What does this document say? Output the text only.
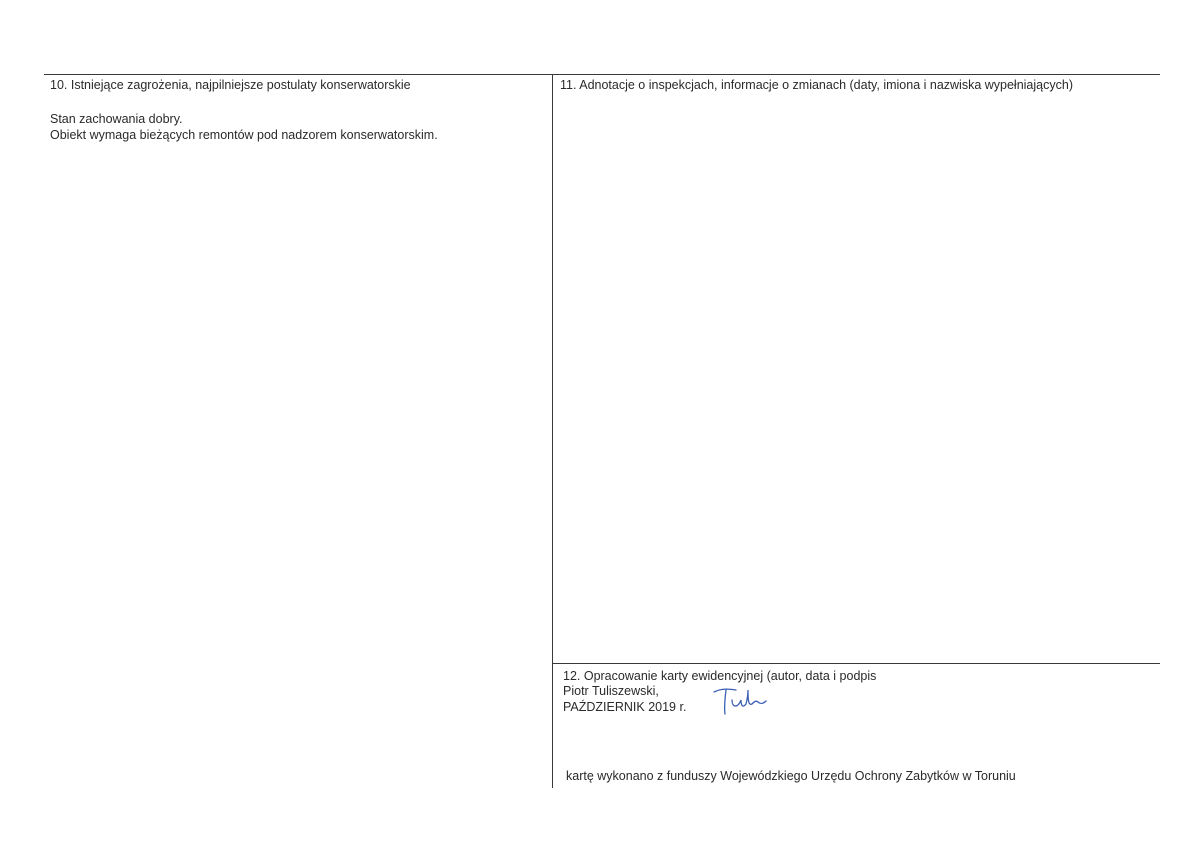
10. Istniejące zagrożenia, najpilniejsze postulaty konserwatorskie
Stan zachowania dobry.
Obiekt wymaga bieżących remontów pod nadzorem konserwatorskim.
11. Adnotacje o inspekcjach, informacje o zmianach (daty, imiona i nazwiska wypełniających)
12. Opracowanie karty ewidencyjnej (autor, data i podpis
Piotr Tuliszewski,
PAŹDZIERNIK 2019 r.
kartę wykonano z funduszy Wojewódzkiego Urzędu Ochrony Zabytków w Toruniu
